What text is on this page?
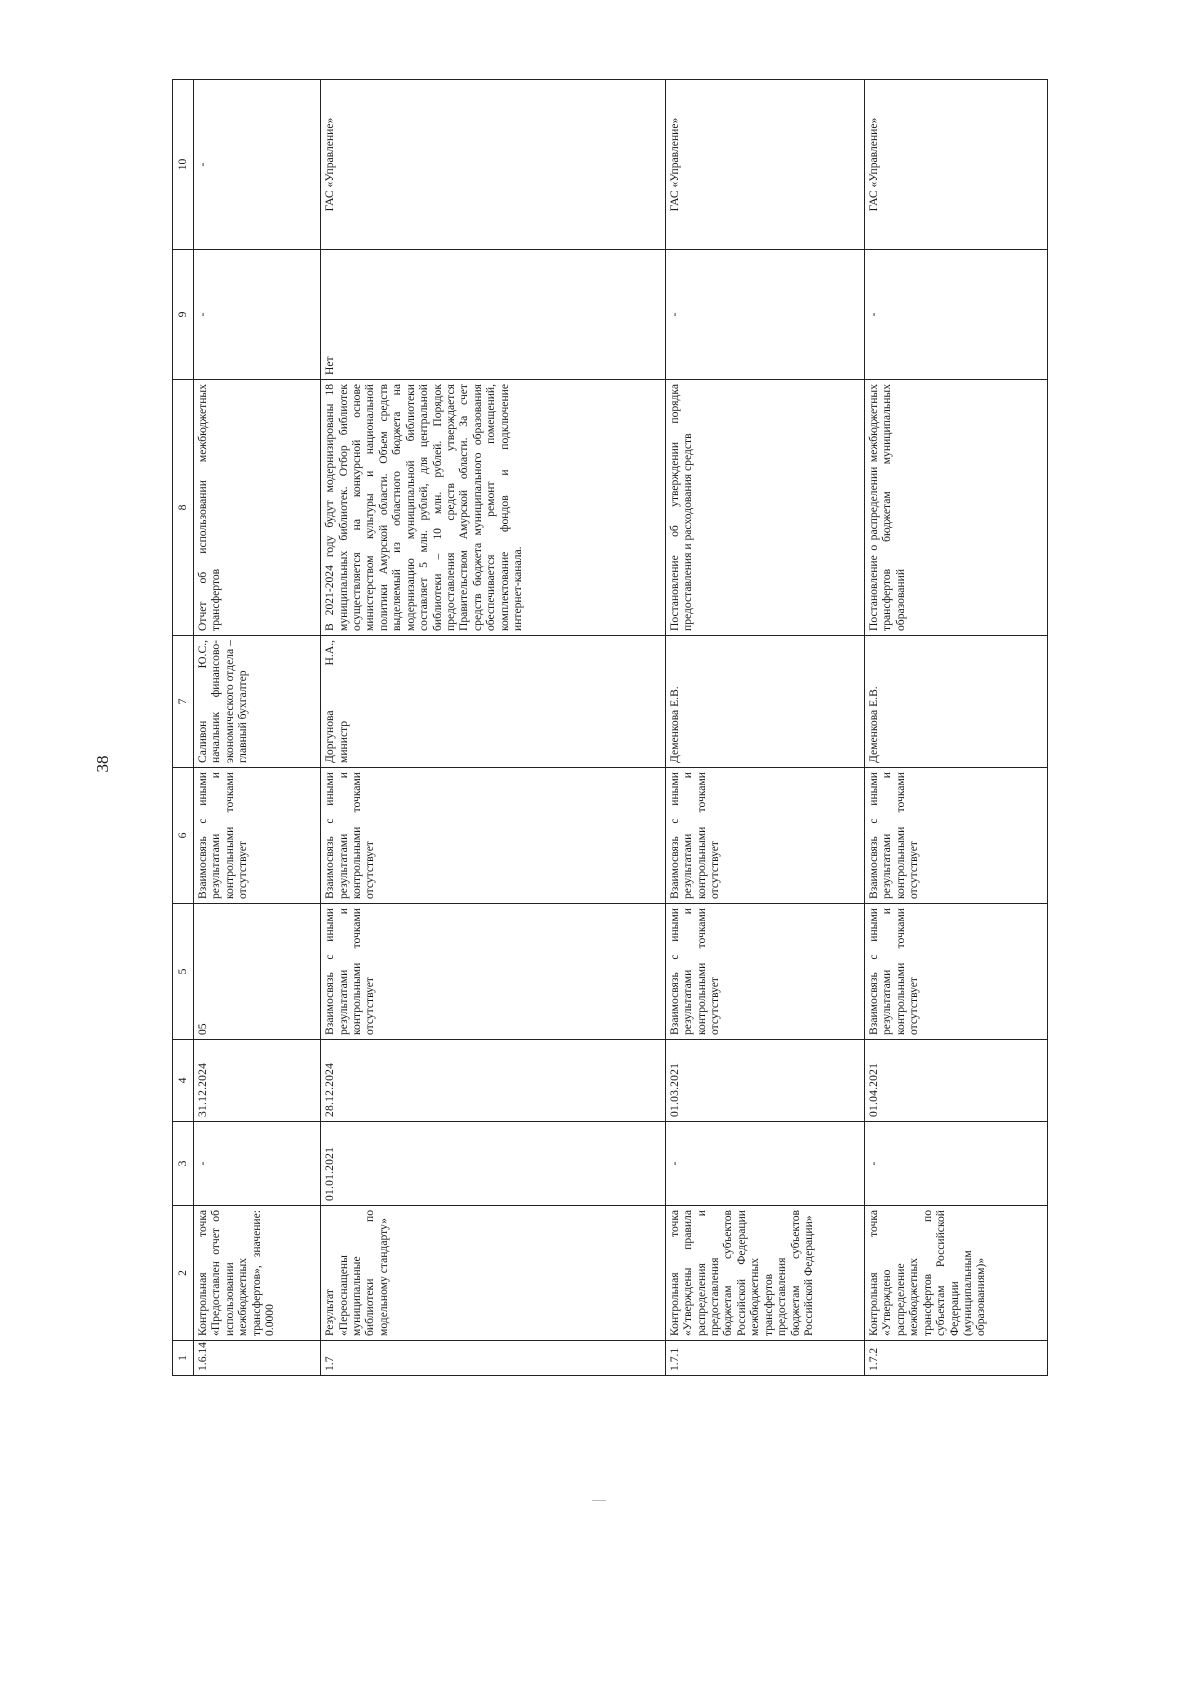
38
1	2	3	4	5	6	7	8	9	10
1.6.14	Контрольная точка «Предоставлен отчет об использовании межбюджетных трансфертов», значение: 0.0000	-	31.12.2024	05	Взаимосвязь с иными результатами и контрольными точками отсутствует	Саливон Ю.С., начальник финансово-экономического отдела – главный бухгалтер	Отчет об использовании межбюджетных трансфертов	-	-
1.7	Результат «Переоснащены муниципальные библиотеки по модельному стандарту»	01.01.2021	28.12.2024	Взаимосвязь с иными результатами и контрольными точками отсутствует	Взаимосвязь с иными результатами и контрольными точками отсутствует	Доргунова Н.А., министр	В 2021-2024 году будут модернизированы 18 муниципальных библиотек. Отбор библиотек осуществляется на конкурсной основе министерством культуры и национальной политики Амурской области. Объем средств выделяемый из областного бюджета на модернизацию муниципальной библиотеки составляет 5 млн. рублей, для центральной библиотеки – 10 млн. рублей. Порядок предоставления средств утверждается Правительством Амурской области. За счет средств бюджета муниципального образования обеспечивается ремонт помещений, комплектование фондов и подключение интернет-канала.	Нет	ГАС «Управление»
1.7.1	Контрольная точка «Утверждены правила распределения и предоставления бюджетам субъектов Российской Федерации межбюджетных трансфертов предоставления бюджетам субъектов Российской Федерации»	-	01.03.2021	Взаимосвязь с иными результатами и контрольными точками отсутствует	Взаимосвязь с иными результатами и контрольными точками отсутствует	Деменкова Е.В.	Постановление об утверждении порядка предоставления и расходования средств	-	ГАС «Управление»
1.7.2	Контрольная точка «Утверждено распределение межбюджетных трансфертов по субъектам Российской Федерации (муниципальным образованиям)»	-	01.04.2021	Взаимосвязь с иными результатами и контрольными точками отсутствует	Взаимосвязь с иными результатами и контрольными точками отсутствует	Деменкова Е.В.	Постановление о распределении межбюджетных трансфертов бюджетам муниципальных образований	-	ГАС «Управление»
